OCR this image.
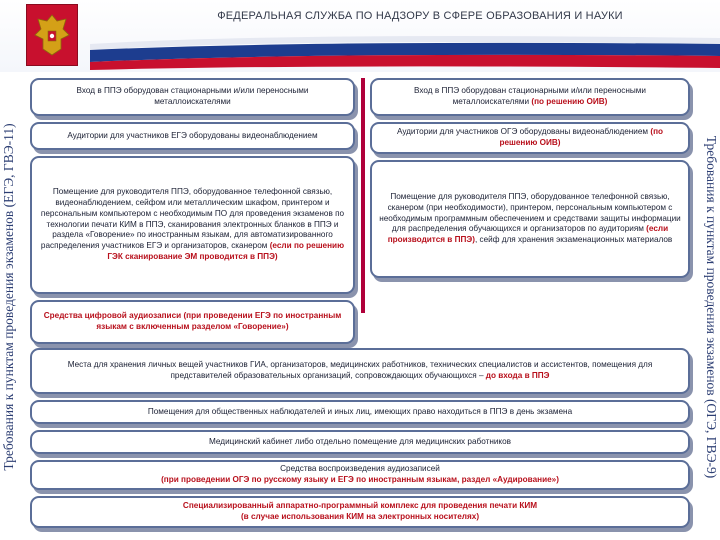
ФЕДЕРАЛЬНАЯ СЛУЖБА ПО НАДЗОРУ В СФЕРЕ ОБРАЗОВАНИЯ И НАУКИ
Требования к пунктам проведения экзаменов (ЕГЭ, ГВЭ-11)	Требования к пунктам проведения экзаменов (ОГЭ, ГВЭ-9)
Вход в ППЭ оборудован стационарными и/или переносными металлоискателями
Аудитории для участников ЕГЭ оборудованы видеонаблюдением
Помещение для руководителя ППЭ, оборудованное телефонной связью, видеонаблюдением, сейфом или металлическим шкафом, принтером и персональным компьютером с необходимым ПО для проведения экзаменов по технологии печати КИМ в ППЭ, сканирования электронных бланков в ППЭ и раздела «Говорение» по иностранным языкам, для автоматизированного распределения участников ЕГЭ и организаторов, сканером (если по решению ГЭК сканирование ЭМ проводится в ППЭ)
Средства цифровой аудиозаписи (при проведении ЕГЭ по иностранным языкам с включенным разделом «Говорение»)
Вход в ППЭ оборудован стационарными и/или переносными металлоискателями (по решению ОИВ)
Аудитории для участников ОГЭ оборудованы видеонаблюдением (по решению ОИВ)
Помещение для руководителя ППЭ, оборудованное телефонной связью, сканером (при необходимости), принтером, персональным компьютером с необходимым программным обеспечением и средствами защиты информации для распределения обучающихся и организаторов по аудиториям (если производится в ППЭ), сейф для хранения экзаменационных материалов
Места для хранения личных вещей участников ГИА, организаторов, медицинских работников, технических специалистов и ассистентов, помещения для представителей образовательных организаций, сопровождающих обучающихся – до входа в ППЭ
Помещения для общественных наблюдателей и иных лиц, имеющих право находиться в ППЭ в день экзамена
Медицинский кабинет либо отдельно помещение для медицинских работников
Средства воспроизведения аудиозаписей
(при проведении ОГЭ по русскому языку и ЕГЭ по иностранным языкам, раздел «Аудирование»)
Специализированный аппаратно-программный комплекс для проведения печати КИМ
(в случае использования КИМ на электронных носителях)
